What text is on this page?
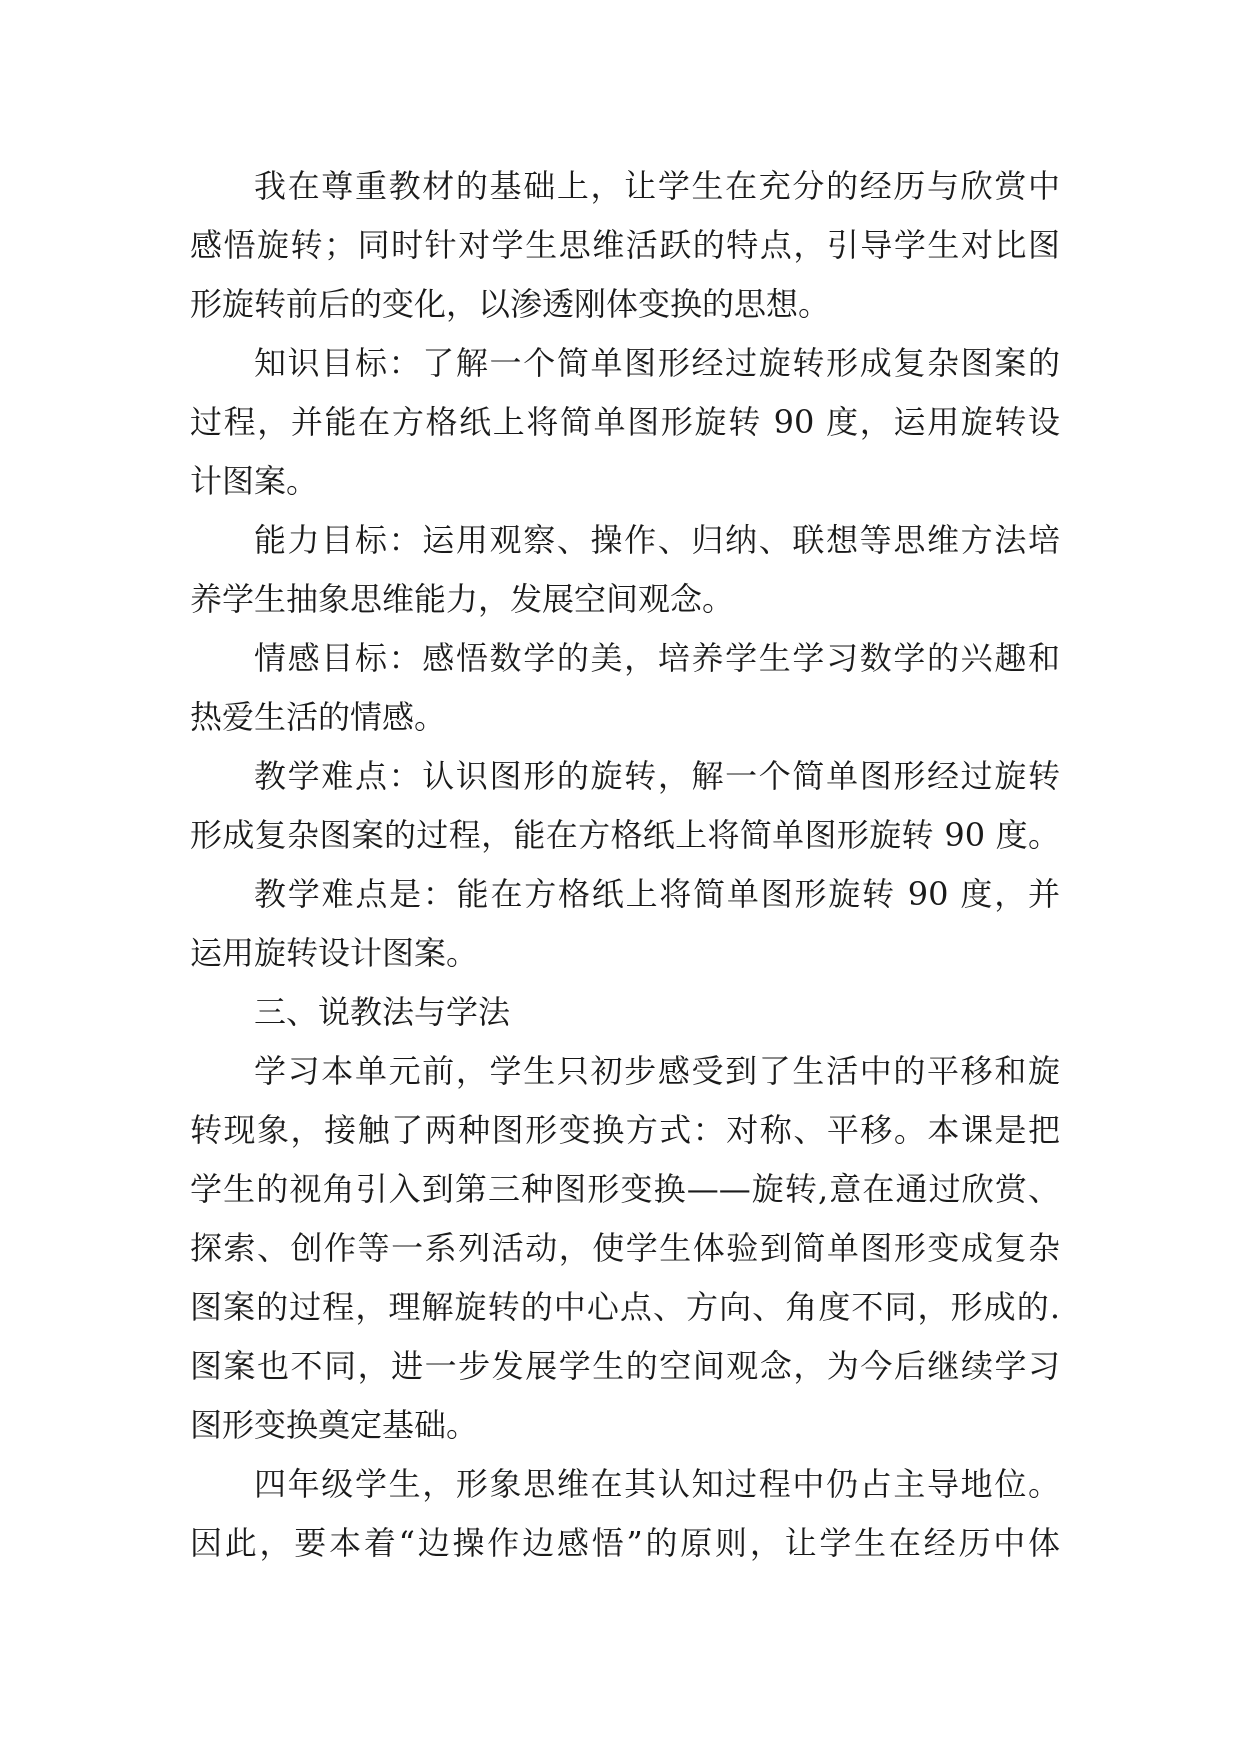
我在尊重教材的基础上，让学生在充分的经历与欣赏中
感悟旋转；同时针对学生思维活跃的特点，引导学生对比图
形旋转前后的变化，以渗透刚体变换的思想。
知识目标：了解一个简单图形经过旋转形成复杂图案的
过程，并能在方格纸上将简单图形旋转 90 度，运用旋转设
计图案。
能力目标：运用观察、操作、归纳、联想等思维方法培
养学生抽象思维能力，发展空间观念。
情感目标：感悟数学的美，培养学生学习数学的兴趣和
热爱生活的情感。
教学难点：认识图形的旋转，解一个简单图形经过旋转
形成复杂图案的过程，能在方格纸上将简单图形旋转 90 度。
教学难点是：能在方格纸上将简单图形旋转 90 度，并
运用旋转设计图案。
三、说教法与学法
学习本单元前，学生只初步感受到了生活中的平移和旋
转现象，接触了两种图形变换方式：对称、平移。本课是把
学生的视角引入到第三种图形变换——旋转,意在通过欣赏、
探索、创作等一系列活动，使学生体验到简单图形变成复杂
图案的过程，理解旋转的中心点、方向、角度不同，形成的.
图案也不同，进一步发展学生的空间观念，为今后继续学习
图形变换奠定基础。
四年级学生，形象思维在其认知过程中仍占主导地位。
因此，要本着“边操作边感悟”的原则，让学生在经历中体
